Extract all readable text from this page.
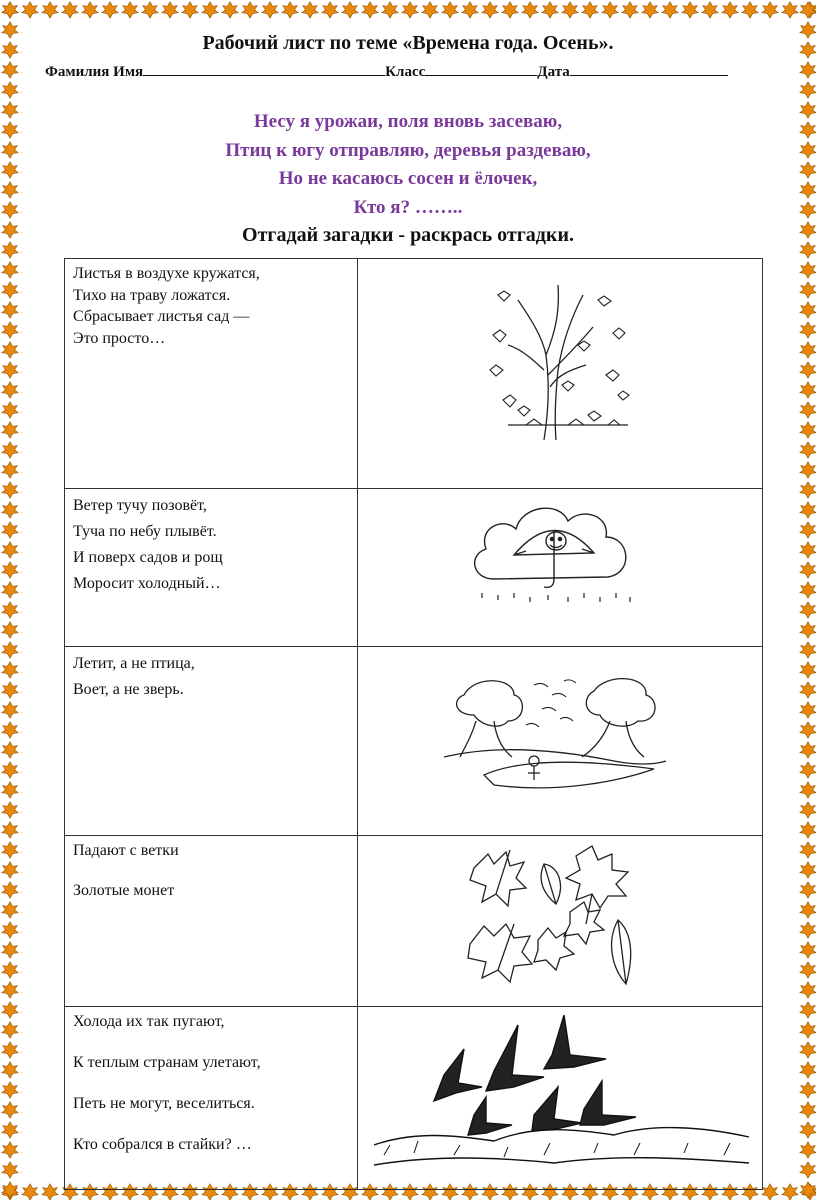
Рабочий лист по теме «Времена года. Осень».
Фамилия Имя	Класс	Дата
Несу я урожаи, поля вновь засеваю,
Птиц к югу отправляю, деревья раздеваю,
Но не касаюсь сосен и ёлочек,
Кто я? ……..
Отгадай загадки - раскрась отгадки.
Листья в воздухе кружатся,
Тихо на траву ложатся.
Сбрасывает листья сад —
Это просто…

Ветер тучу позовёт,
Туча по небу плывёт.
И поверх садов и рощ
Моросит холодный…

Летит, а не птица,
Воет, а не зверь.

Падают с ветки
Золотые монет

Холода их так пугают,
К теплым странам улетают,
Петь не могут, веселиться.
Кто собрался в стайки? …
